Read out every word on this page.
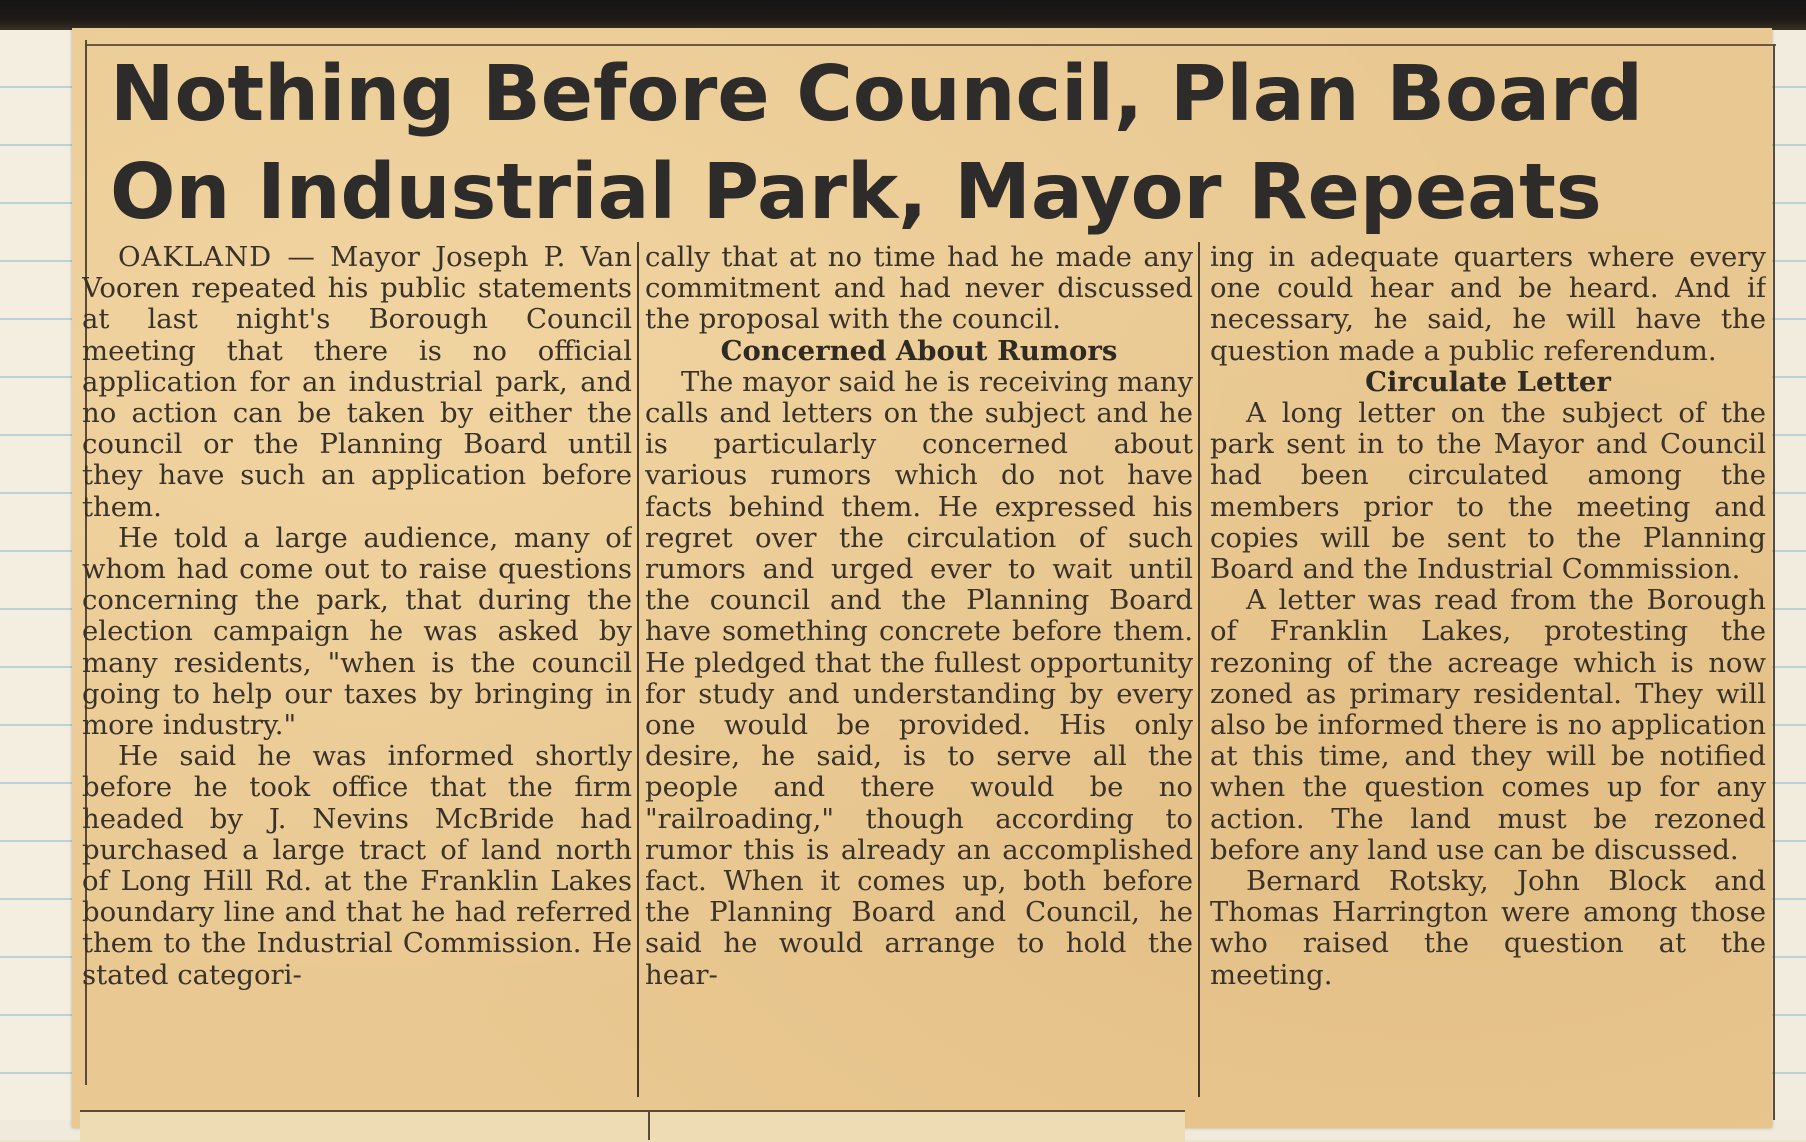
Nothing Before Council, Plan Board
On Industrial Park, Mayor Repeats

OAKLAND — Mayor Joseph P. Van Vooren repeated his public statements at last night's Borough Council meeting that there is no official application for an industrial park, and no action can be taken by either the council or the Planning Board until they have such an application before them.

He told a large audience, many of whom had come out to raise questions concerning the park, that during the election campaign he was asked by many residents, "when is the council going to help our taxes by bringing in more industry."

He said he was informed shortly before he took office that the firm headed by J. Nevins McBride had purchased a large tract of land north of Long Hill Rd. at the Franklin Lakes boundary line and that he had referred them to the Industrial Commission. He stated categori-

cally that at no time had he made any commitment and had never discussed the proposal with the council.

Concerned About Rumors

The mayor said he is receiving many calls and letters on the subject and he is particularly concerned about various rumors which do not have facts behind them. He expressed his regret over the circulation of such rumors and urged ever to wait until the council and the Planning Board have something concrete before them. He pledged that the fullest opportunity for study and understanding by every one would be provided. His only desire, he said, is to serve all the people and there would be no "railroading," though according to rumor this is already an accomplished fact. When it comes up, both before the Planning Board and Council, he said he would arrange to hold the hear-

ing in adequate quarters where every one could hear and be heard. And if necessary, he said, he will have the question made a public referendum.

Circulate Letter

A long letter on the subject of the park sent in to the Mayor and Council had been circulated among the members prior to the meeting and copies will be sent to the Planning Board and the Industrial Commission.

A letter was read from the Borough of Franklin Lakes, protesting the rezoning of the acreage which is now zoned as primary residental. They will also be informed there is no application at this time, and they will be notified when the question comes up for any action. The land must be rezoned before any land use can be discussed.

Bernard Rotsky, John Block and Thomas Harrington were among those who raised the question at the meeting.
